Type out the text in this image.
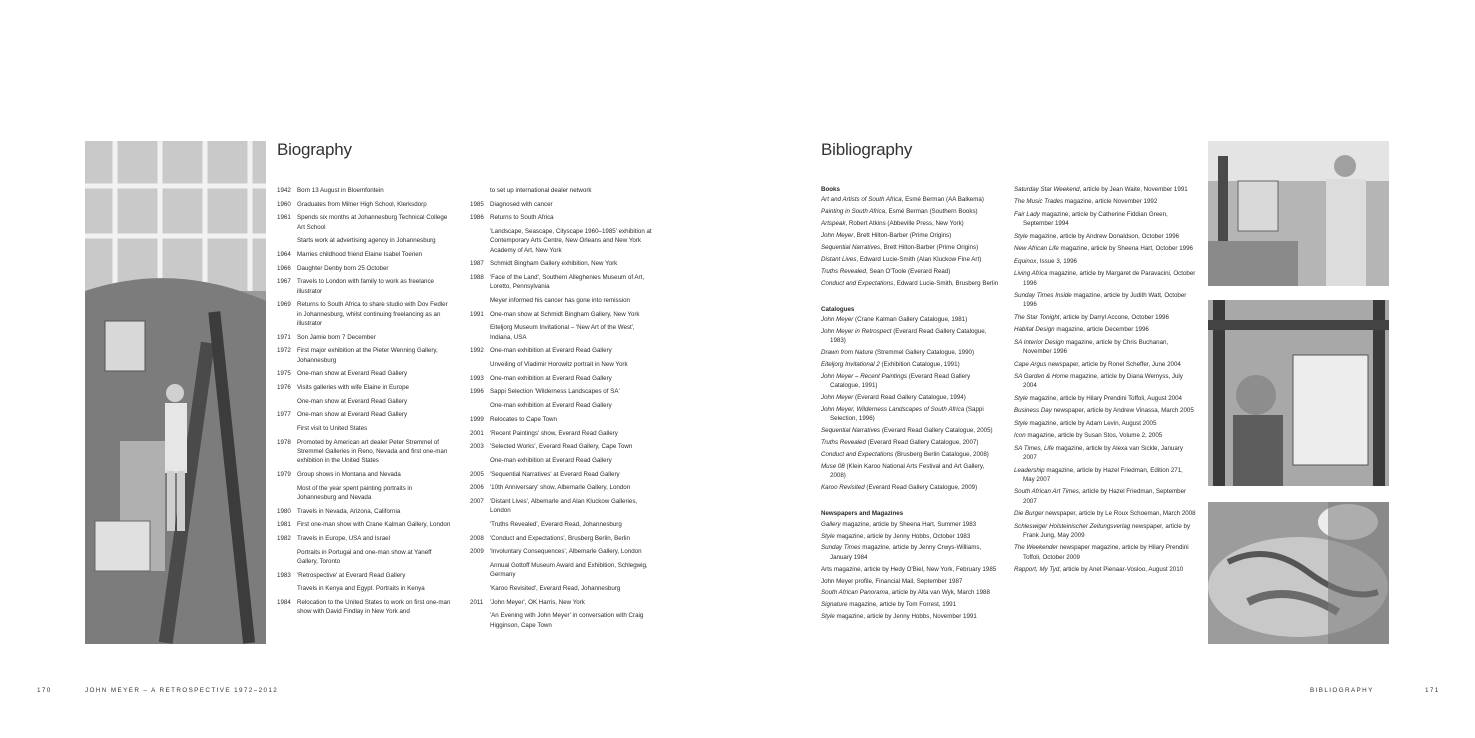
Biography
1942	Born 13 August in Bloemfontein
1960	Graduates from Milner High School, Klerksdorp
1961	Spends six months at Johannesburg Technical College Art School
Starts work at advertising agency in Johannesburg
1964	Marries childhood friend Elaine Isabel Toerien
1966	Daughter Denby born 25 October
1967	Travels to London with family to work as freelance illustrator
1969	Returns to South Africa to share studio with Dov Fedler in Johannesburg, whilst continuing freelancing as an illustrator
1971	Son Jamie born 7 December
1972	First major exhibition at the Pieter Wenning Gallery, Johannesburg
1975	One-man show at Everard Read Gallery
1976	Visits galleries with wife Elaine in Europe
One-man show at Everard Read Gallery
1977	One-man show at Everard Read Gallery
First visit to United States
1978	Promoted by American art dealer Peter Stremmel of Stremmel Galleries in Reno, Nevada and first one-man exhibition in the United States
1979	Group shows in Montana and Nevada
Most of the year spent painting portraits in Johannesburg and Nevada
1980	Travels in Nevada, Arizona, California
1981	First one-man show with Crane Kalman Gallery, London
1982	Travels in Europe, USA and Israel
Portraits in Portugal and one-man show at Yaneff Gallery, Toronto
1983	'Retrospective' at Everard Read Gallery
Travels in Kenya and Egypt. Portraits in Kenya
1984	Relocation to the United States to work on first one-man show with David Findlay in New York and
to set up international dealer network
1985	Diagnosed with cancer
1986	Returns to South Africa
'Landscape, Seascape, Cityscape 1960–1985' exhibition at Contemporary Arts Centre, New Orleans and New York Academy of Art, New York
1987	Schmidt Bingham Gallery exhibition, New York
1988	'Face of the Land', Southern Alleghenies Museum of Art, Loretto, Pennsylvania
Meyer informed his cancer has gone into remission
1991	One-man show at Schmidt Bingham Gallery, New York
Eiteljorg Museum Invitational – 'New Art of the West', Indiana, USA
1992	One-man exhibition at Everard Read Gallery
Unveiling of Vladimir Horowitz portrait in New York
1993	One-man exhibition at Everard Read Gallery
1996	Sappi Selection 'Wilderness Landscapes of SA'
One-man exhibition at Everard Read Gallery
1999	Relocates to Cape Town
2001	'Recent Paintings' show, Everard Read Gallery
2003	'Selected Works', Everard Read Gallery, Cape Town
One-man exhibition at Everard Read Gallery
2005	'Sequential Narratives' at Everard Read Gallery
2006	'10th Anniversary' show, Albemarle Gallery, London
2007	'Distant Lives', Albemarle and Alan Kluckow Galleries, London
'Truths Revealed', Everard Read, Johannesburg
2008	'Conduct and Expectations', Brusberg Berlin, Berlin
2009	'Involuntary Consequences', Albemarle Gallery, London
Annual Gottoff Museum Award and Exhibition, Schlegwig, Germany
'Karoo Revisited', Everard Read, Johannesburg
2011	'John Meyer', OK Harris, New York
'An Evening with John Meyer' in conversation with Craig Higginson, Cape Town
Bibliography
Books
Art and Artists of South Africa, Esmé Berman (AA Balkema)
Painting in South Africa, Esmé Berman (Southern Books)
Artspeak, Robert Atkins (Abbeville Press, New York)
John Meyer, Brett Hilton-Barber (Prime Origins)
Sequential Narratives, Brett Hilton-Barber (Prime Origins)
Distant Lives, Edward Lucie-Smith (Alan Kluckow Fine Art)
Truths Revealed, Sean O'Toole (Everard Read)
Conduct and Expectations, Edward Lucie-Smith, Brusberg Berlin
Catalogues
John Meyer (Crane Kalman Gallery Catalogue, 1981)
John Meyer in Retrospect (Everard Read Gallery Catalogue, 1983)
Drawn from Nature (Stremmel Gallery Catalogue, 1990)
Eiteljorg Invitational 2 (Exhibition Catalogue, 1991)
John Meyer – Recent Paintings (Everard Read Gallery Catalogue, 1991)
John Meyer (Everard Read Gallery Catalogue, 1994)
John Meyer, Wilderness Landscapes of South Africa (Sappi Selection, 1996)
Sequential Narratives (Everard Read Gallery Catalogue, 2005)
Truths Revealed (Everard Read Gallery Catalogue, 2007)
Conduct and Expectations (Brusberg Berlin Catalogue, 2008)
Muse 08 (Klein Karoo National Arts Festival and Art Gallery, 2008)
Karoo Revisited (Everard Read Gallery Catalogue, 2009)
Newspapers and Magazines
Gallery magazine, article by Sheena Hart, Summer 1983
Style magazine, article by Jenny Hobbs, October 1983
Sunday Times magazine, article by Jenny Crwys-Williams, January 1984
Arts magazine, article by Hedy O'Biel, New York, February 1985
John Meyer profile, Financial Mail, September 1987
South African Panorama, article by Alta van Wyk, March 1988
Signature magazine, article by Tom Forrest, 1991
Style magazine, article by Jenny Hobbs, November 1991
Saturday Star Weekend, article by Jean Waite, November 1991
The Music Trades magazine, article November 1992
Fair Lady magazine, article by Catherine Fiddian Green, September 1994
Style magazine, article by Andrew Donaldson, October 1996
New African Life magazine, article by Sheena Hart, October 1996
Equinox, Issue 3, 1996
Living Africa magazine, article by Margaret de Paravacini, October 1996
Sunday Times Inside magazine, article by Judith Watt, October 1996
The Star Tonight, article by Darryl Accone, October 1996
Habitat Design magazine, article December 1996
SA Interior Design magazine, article by Chris Buchanan, November 1996
Cape Argus newspaper, article by Ronel Scheffer, June 2004
SA Garden & Home magazine, article by Diana Wemyss, July 2004
Style magazine, article by Hilary Prendini Toffoli, August 2004
Business Day newspaper, article by Andrew Vinassa, March 2005
Style magazine, article by Adam Levin, August 2005
Icon magazine, article by Susan Stos, Volume 2, 2005
SA Times, Life magazine, article by Alexa van Sickle, January 2007
Leadership magazine, article by Hazel Friedman, Edition 271, May 2007
South African Art Times, article by Hazel Friedman, September 2007
Die Burger newspaper, article by Le Roux Schoeman, March 2008
Schleswiger Holsteinischer Zeitungsverlag newspaper, article by Frank Jung, May 2009
The Weekender newspaper magazine, article by Hilary Prendini Toffoli, October 2009
Rapport, My Tyd, article by Anet Pienaar-Vosloo, August 2010
170	JOHN MEYER – A RETROSPECTIVE 1972–2012	BIBLIOGRAPHY	171
